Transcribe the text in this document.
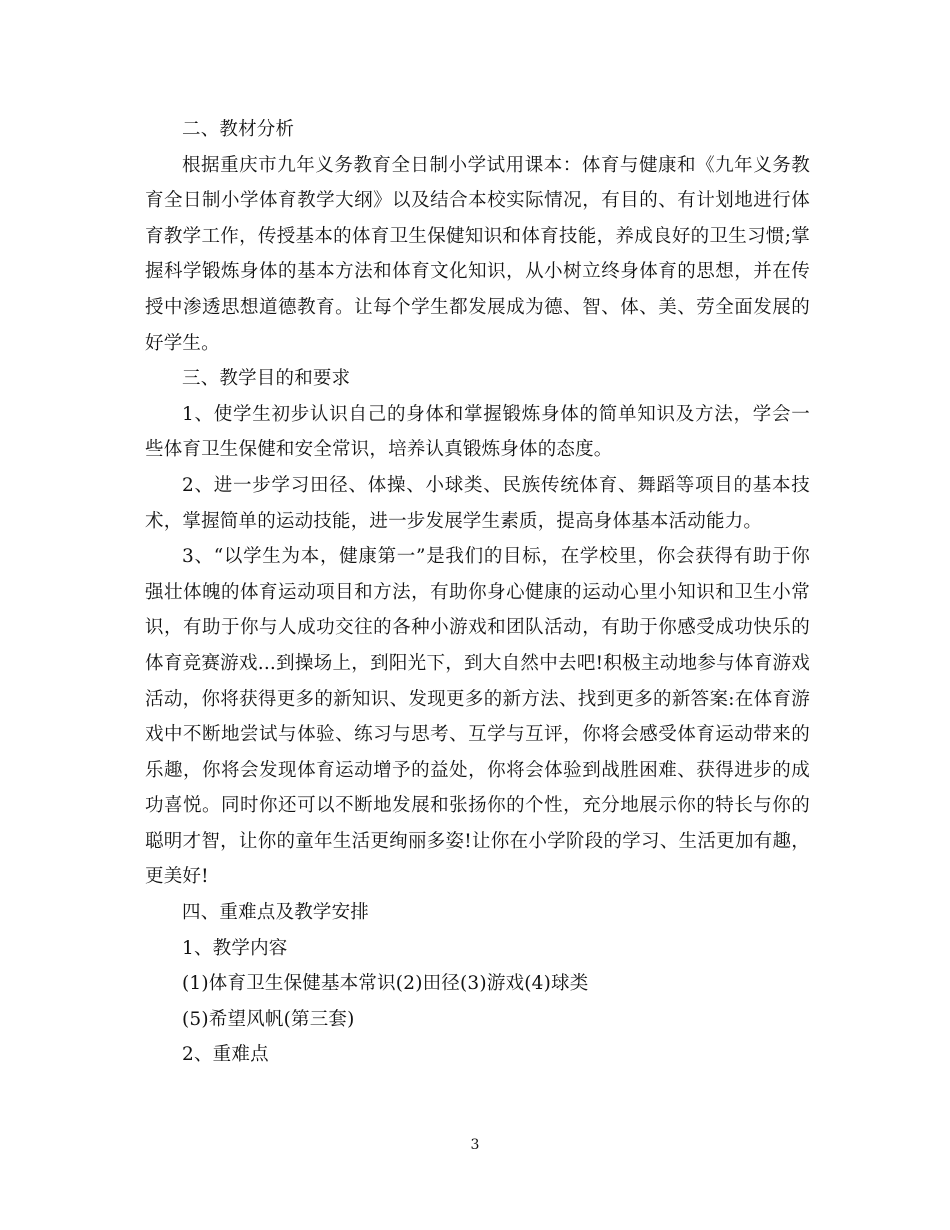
二、教材分析

根据重庆市九年义务教育全日制小学试用课本：体育与健康和《九年义务教育全日制小学体育教学大纲》以及结合本校实际情况，有目的、有计划地进行体育教学工作，传授基本的体育卫生保健知识和体育技能，养成良好的卫生习惯;掌握科学锻炼身体的基本方法和体育文化知识，从小树立终身体育的思想，并在传授中渗透思想道德教育。让每个学生都发展成为德、智、体、美、劳全面发展的好学生。

三、教学目的和要求

1、使学生初步认识自己的身体和掌握锻炼身体的简单知识及方法，学会一些体育卫生保健和安全常识，培养认真锻炼身体的态度。

2、进一步学习田径、体操、小球类、民族传统体育、舞蹈等项目的基本技术，掌握简单的运动技能，进一步发展学生素质，提高身体基本活动能力。

3、“以学生为本，健康第一”是我们的目标，在学校里，你会获得有助于你强壮体魄的体育运动项目和方法，有助你身心健康的运动心里小知识和卫生小常识，有助于你与人成功交往的各种小游戏和团队活动，有助于你感受成功快乐的体育竞赛游戏...到操场上，到阳光下，到大自然中去吧!积极主动地参与体育游戏活动，你将获得更多的新知识、发现更多的新方法、找到更多的新答案:在体育游戏中不断地尝试与体验、练习与思考、互学与互评，你将会感受体育运动带来的乐趣，你将会发现体育运动增予的益处，你将会体验到战胜困难、获得进步的成功喜悦。同时你还可以不断地发展和张扬你的个性，充分地展示你的特长与你的聪明才智，让你的童年生活更绚丽多姿!让你在小学阶段的学习、生活更加有趣，更美好!

四、重难点及教学安排

1、教学内容

(1)体育卫生保健基本常识(2)田径(3)游戏(4)球类

(5)希望风帆(第三套)

2、重难点

3
